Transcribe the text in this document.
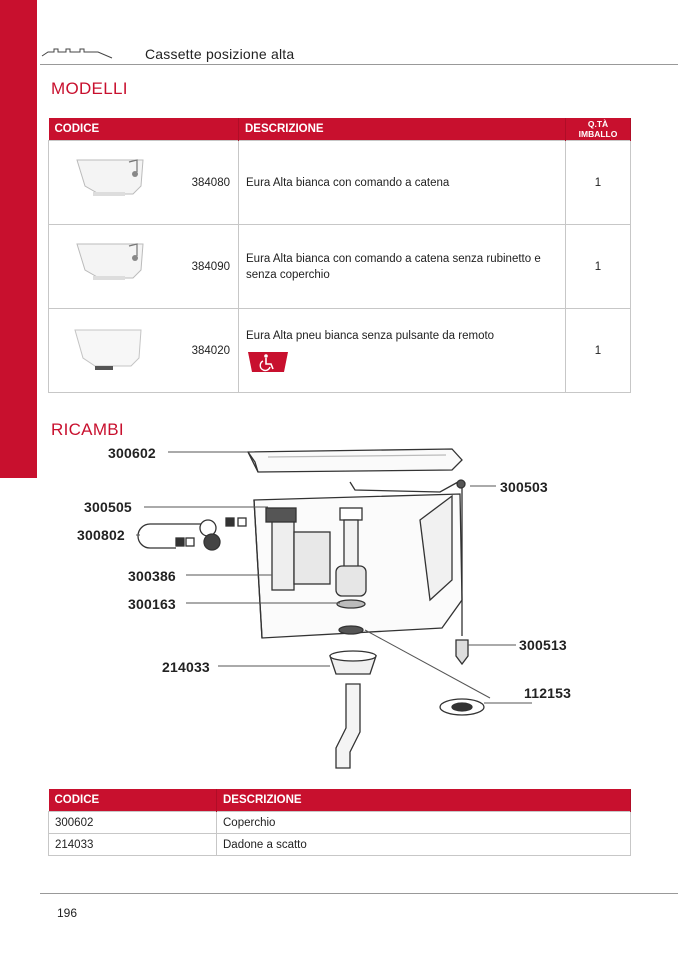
Cassette posizione alta
MODELLI
CODICE		DESCRIZIONE	Q.TÀ
IMBALLO
	384080	Eura Alta bianca con comando a catena	1
	384090	Eura Alta bianca con comando a catena senza rubinetto e senza coperchio	1
	384020	Eura Alta pneu bianca senza pulsante da remoto	1
RICAMBI
300602
300503
300505
300802
300386
300163
300513
214033
112153
CODICE	DESCRIZIONE
300602	Coperchio
214033	Dadone a scatto
196
